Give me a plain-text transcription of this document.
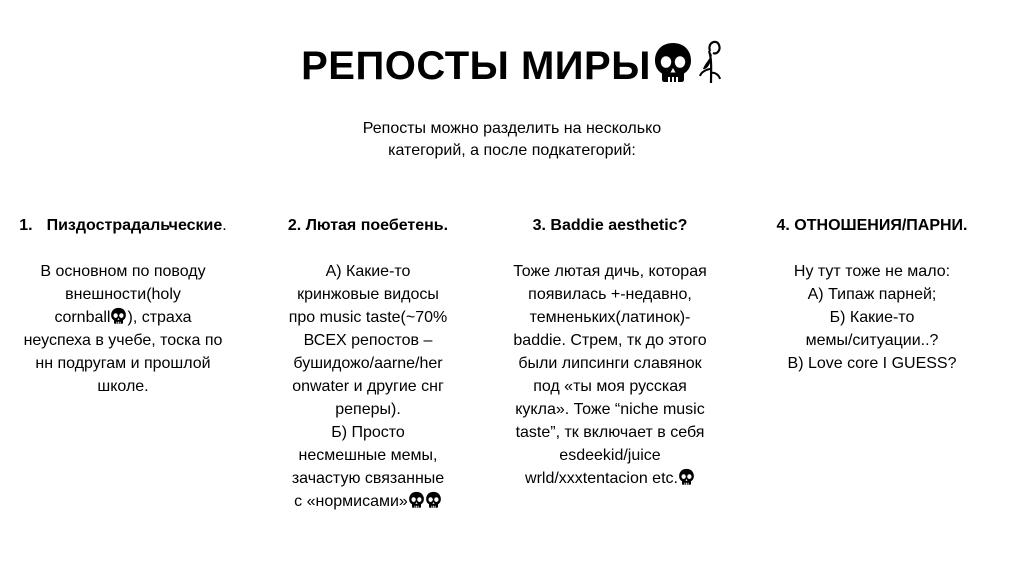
РЕПОСТЫ МИРЫ
Репосты можно разделить на несколько категорий, а после подкатегорий:
1. Пиздострадальческие.

В основном по поводу

внешности(holy

cornball ), страха

неуспеха в учебе, тоска по

нн подругам и прошлой

школе.

2. Лютая поебетень.

А) Какие-то

кринжовые видосы

про music taste(~70%

ВСЕХ репостов –

бушидожо/aarne/her

onwater и другие снг

реперы).

Б) Просто

несмешные мемы,

зачастую связанные

с «нормисами»

3. Baddie aesthetic?

Тоже лютая дичь, которая

появилась +-недавно,

темненьких(латинок)-

baddie. Стрем, тк до этого

были липсинги славянок

под «ты моя русская

кукла». Тоже “niche music

taste”, тк включает в себя

esdeekid/juice

wrld/xxxtentacion etc.

4. ОТНОШЕНИЯ/ПАРНИ.

Ну тут тоже не мало:

А) Типаж парней;

Б) Какие-то

мемы/ситуации..?

В) Love core I GUESS?
